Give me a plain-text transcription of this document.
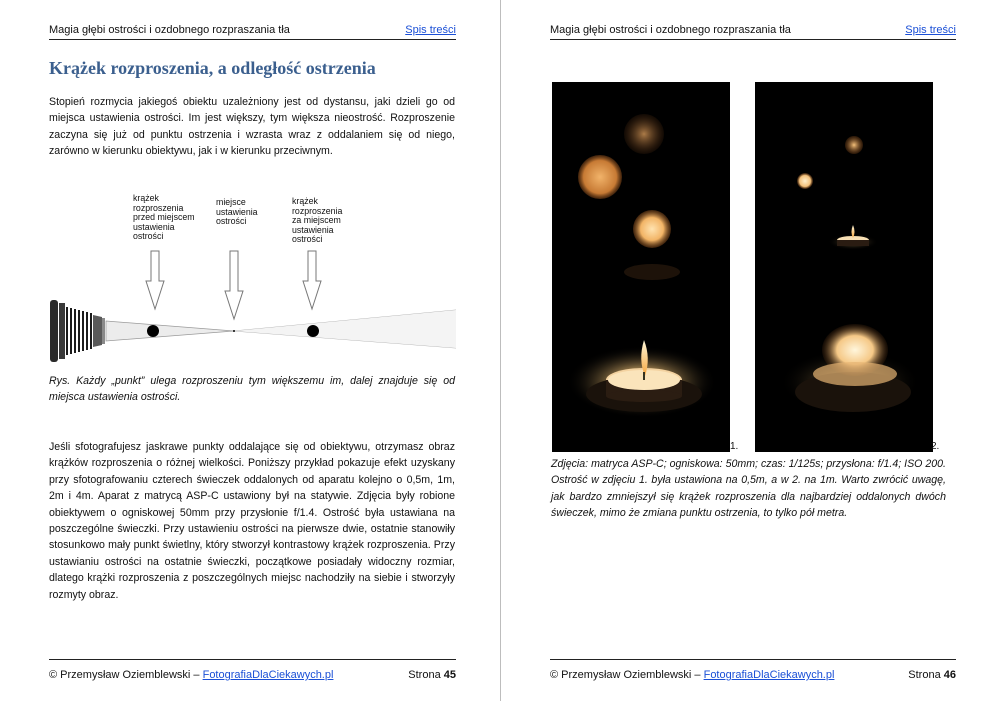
Magia głębi ostrości i ozdobnego rozpraszania tła	Spis treści
Krążek rozproszenia, a odległość ostrzenia

Stopień rozmycia jakiegoś obiektu uzależniony jest od dystansu, jaki dzieli go od miejsca ustawienia ostrości. Im jest większy, tym większa nieostrość. Rozproszenie zaczyna się już od punktu ostrzenia i wzrasta wraz z oddalaniem się od niego, zarówno w kierunku obiektywu, jak i w kierunku przeciwnym.

krążek
rozproszenia
przed miejscem
ustawienia
ostrości
miejsce
ustawienia
ostrości
krążek
rozproszenia
za miejscem
ustawienia
ostrości

Rys. Każdy „punkt” ulega rozproszeniu tym większemu im, dalej znajduje się od miejsca ustawienia ostrości.

Jeśli sfotografujesz jaskrawe punkty oddalające się od obiektywu, otrzymasz obraz krążków rozproszenia o różnej wielkości. Poniższy przykład pokazuje efekt uzyskany przy sfotografowaniu czterech świeczek oddalonych od aparatu kolejno o 0,5m, 1m, 2m i 4m. Aparat z matrycą ASP-C ustawiony był na statywie. Zdjęcia były robione obiektywem o ogniskowej 50mm przy przysłonie f/1.4. Ostrość była ustawiana na poszczególne świeczki. Przy ustawieniu ostrości na pierwsze dwie, ostatnie stanowiły stosunkowo mały punkt świetlny, który stworzył kontrastowy krążek rozproszenia. Przy ustawianiu ostrości na ostatnie świeczki, początkowe posiadały widoczny rozmiar, dlatego krążki rozproszenia z poszczególnych miejsc nachodziły na siebie i stworzyły rozmyty obraz.

© Przemysław Oziemblewski – FotografiaDlaCiekawych.pl	Strona 45
Magia głębi ostrości i ozdobnego rozpraszania tła	Spis treści
1.	2.

Zdjęcia: matryca ASP-C; ogniskowa: 50mm; czas: 1/125s; przysłona: f/1.4; ISO 200. Ostrość w zdjęciu 1. była ustawiona na 0,5m, a w 2. na 1m. Warto zwrócić uwagę, jak bardzo zmniejszył się krążek rozproszenia dla najbardziej oddalonych dwóch świeczek, mimo że zmiana punktu ostrzenia, to tylko pół metra.

© Przemysław Oziemblewski – FotografiaDlaCiekawych.pl	Strona 46
